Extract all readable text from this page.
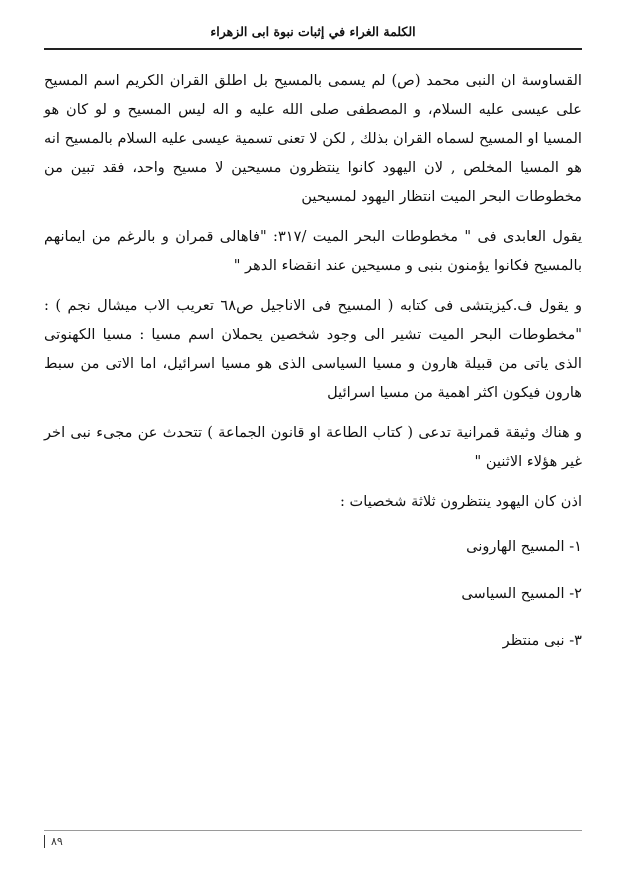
الكلمة الغراء في إثبات نبوة ابى الزهراء

القساوسة ان النبى محمد (ص) لم يسمى بالمسيح بل اطلق القران الكريم اسم المسيح على عيسى عليه السلام، و المصطفى صلى الله عليه و اله ليس المسيح و لو كان هو المسيا او المسيح لسماه القران بذلك , لكن لا تعنى تسمية عيسى عليه السلام بالمسيح انه هو المسيا المخلص , لان اليهود كانوا ينتظرون مسيحين لا مسيح واحد، فقد تبين من مخطوطات البحر الميت انتظار اليهود لمسيحين

يقول العابدى فى " مخطوطات البحر الميت /٣١٧: "فاهالى قمران و بالرغم من ايمانهم بالمسيح فكانوا يؤمنون بنبى و مسيحين عند انقضاء الدهر "

و يقول ف.كيزيتشى فى كتابه ( المسيح فى الاناجيل ص٦٨ تعريب الاب ميشال نجم ) : "مخطوطات البحر الميت تشير الى وجود شخصين يحملان اسم مسيا : مسيا الكهنوتى الذى ياتى من قبيلة هارون و مسيا السياسى الذى هو مسيا اسرائيل، اما الاتى من سبط هارون فيكون اكثر اهمية من مسيا اسرائيل

و هناك وثيقة قمرانية تدعى ( كتاب الطاعة او قانون الجماعة ) تتحدث عن مجىء نبى اخر غير هؤلاء الاثنين "

اذن كان اليهود ينتظرون ثلاثة شخصيات :

١- المسيح الهارونى

٢- المسيح السياسى

٣- نبى منتظر

٨٩
